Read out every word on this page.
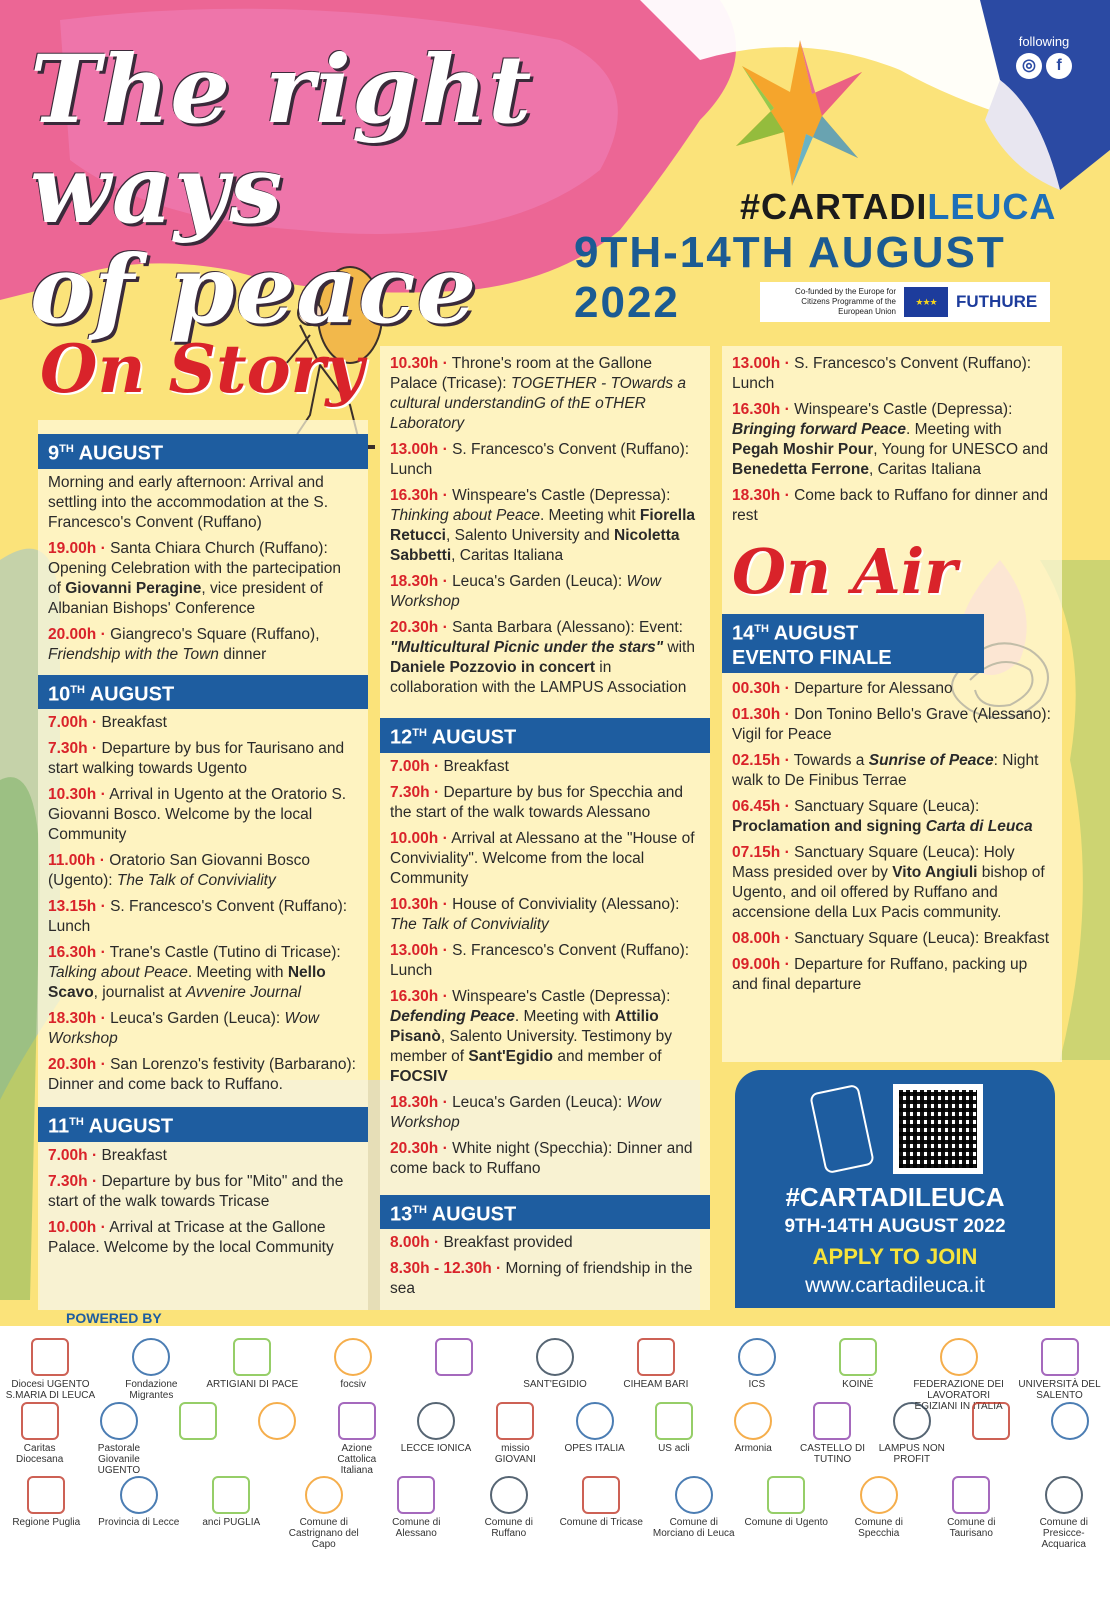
The right ways
of peace
following
◎ f
#CARTADILEUCA
9TH-14TH AUGUST 2022	Co-funded by the Europe for Citizens Programme of the European Union
★★★	FUTHURE
On Story
9TH AUGUST

Morning and early afternoon: Arrival and settling into the accommodation at the S. Francesco's Convent (Ruffano)

19.00h · Santa Chiara Church (Ruffano): Opening Celebration with the partecipation of Giovanni Peragine, vice president of Albanian Bishops' Conference

20.00h · Giangreco's Square (Ruffano), Friendship with the Town dinner

10TH AUGUST

7.00h · Breakfast

7.30h · Departure by bus for Taurisano and start walking towards Ugento

10.30h · Arrival in Ugento at the Oratorio S. Giovanni Bosco. Welcome by the local Community

11.00h · Oratorio San Giovanni Bosco (Ugento): The Talk of Conviviality

13.15h · S. Francesco's Convent (Ruffano): Lunch

16.30h · Trane's Castle (Tutino di Tricase): Talking about Peace. Meeting with Nello Scavo, journalist at Avvenire Journal

18.30h · Leuca's Garden (Leuca): Wow Workshop

20.30h · San Lorenzo's festivity (Barbarano): Dinner and come back to Ruffano.

11TH AUGUST

7.00h · Breakfast

7.30h · Departure by bus for "Mito" and the start of the walk towards Tricase

10.00h · Arrival at Tricase at the Gallone Palace. Welcome by the local Community

10.30h · Throne's room at the Gallone Palace (Tricase): TOGETHER - TOwards a cultural understandinG of thE oTHER Laboratory

13.00h · S. Francesco's Convent (Ruffano): Lunch

16.30h · Winspeare's Castle (Depressa): Thinking about Peace. Meeting whit Fiorella Retucci, Salento University and Nicoletta Sabbetti, Caritas Italiana

18.30h · Leuca's Garden (Leuca): Wow Workshop

20.30h · Santa Barbara (Alessano): Event: "Multicultural Picnic under the stars" with Daniele Pozzovio in concert in collaboration with the LAMPUS Association

12TH AUGUST

7.00h · Breakfast

7.30h · Departure by bus for Specchia and the start of the walk towards Alessano

10.00h · Arrival at Alessano at the "House of Conviviality". Welcome from the local Community

10.30h · House of Conviviality (Alessano): The Talk of Conviviality

13.00h · S. Francesco's Convent (Ruffano): Lunch

16.30h · Winspeare's Castle (Depressa): Defending Peace. Meeting with Attilio Pisanò, Salento University. Testimony by member of Sant'Egidio and member of FOCSIV

18.30h · Leuca's Garden (Leuca): Wow Workshop

20.30h · White night (Specchia): Dinner and come back to Ruffano

13TH AUGUST

8.00h · Breakfast provided

8.30h - 12.30h · Morning of friendship in the sea

13.00h · S. Francesco's Convent (Ruffano): Lunch

16.30h · Winspeare's Castle (Depressa): Bringing forward Peace. Meeting with Pegah Moshir Pour, Young for UNESCO and Benedetta Ferrone, Caritas Italiana

18.30h · Come back to Ruffano for dinner and rest

On Air
14TH AUGUST
EVENTO FINALE

00.30h · Departure for Alessano

01.30h · Don Tonino Bello's Grave (Alessano): Vigil for Peace

02.15h · Towards a Sunrise of Peace: Night walk to De Finibus Terrae

06.45h · Sanctuary Square (Leuca): Proclamation and signing Carta di Leuca

07.15h · Sanctuary Square (Leuca): Holy Mass presided over by Vito Angiuli bishop of Ugento, and oil offered by Ruffano and accensione della Lux Pacis community.

08.00h · Sanctuary Square (Leuca): Breakfast

09.00h · Departure for Ruffano, packing up and final departure

#CARTADILEUCA
9TH-14TH AUGUST 2022
APPLY TO JOIN
www.cartadileuca.it
POWERED BY
Diocesi UGENTO S.MARIA DI LEUCA
Fondazione Migrantes
ARTIGIANI DI PACE	focsiv	SANT'EGIDIO	CIHEAM BARI	ICS	KOINÈ	FEDERAZIONE DEI LAVORATORI EGIZIANI IN ITALIA
UNIVERSITÀ DEL SALENTO
Caritas Diocesana
Pastorale Giovanile UGENTO
Azione Cattolica Italiana
LECCE IONICA	missio GIOVANI
OPES ITALIA	US acli	Armonia	CASTELLO DI TUTINO
LAMPUS NON PROFIT
Regione Puglia	Provincia di Lecce	anci PUGLIA	Comune di Castrignano del Capo
Comune di Alessano
Comune di Ruffano
Comune di Tricase	Comune di Morciano di Leuca
Comune di Ugento	Comune di Specchia
Comune di Taurisano
Comune di Presicce-Acquarica
